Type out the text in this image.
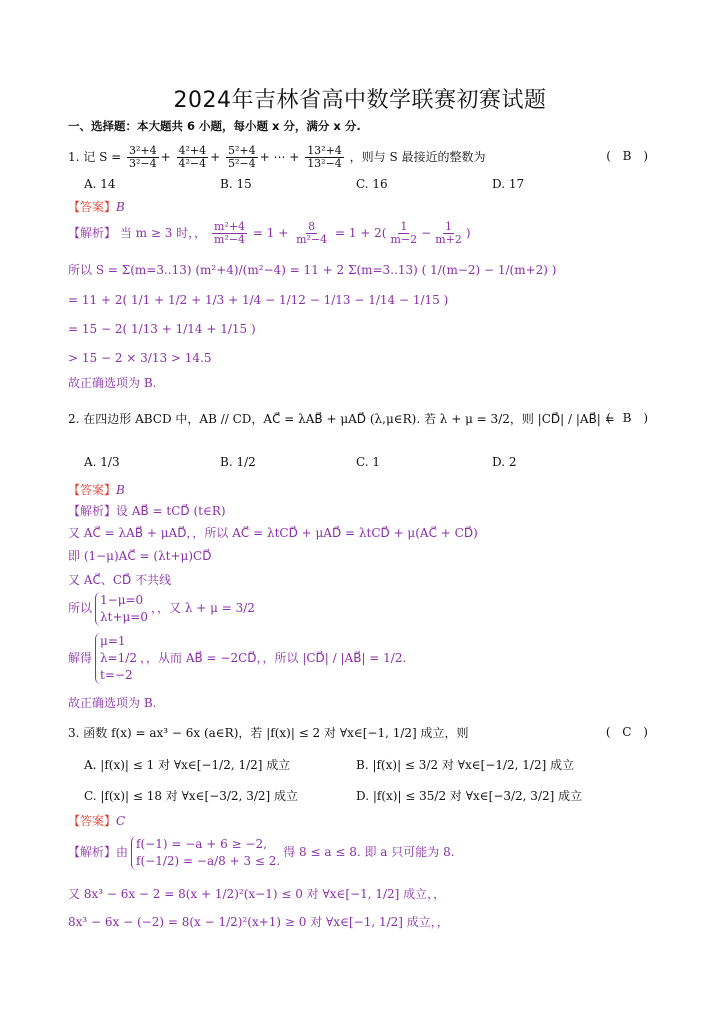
2024年吉林省高中数学联赛初赛试题
一、选择题：本大题共 6 小题，每小题 x 分，满分 x 分.
1. 记 $S = \frac{\text{3²+4}}{\text{3²−4}} + \frac{\text{4²+4}}{\text{4²−4}} + \frac{\text{5²+4}}{\text{5²−4}}$ + ⋯ + $\frac{\text{13²+4}}{\text{13²−4}}$ ，则与 S 最接近的整数为	( B )
A. 14	B. 15	C. 16	D. 17
【答案】B
【解析】 当 m ≥ 3 时，， $\frac{\text{m²+4}}{\text{m²−4}} = 1 + \frac{8}{\text{m²−4}} = 1 + 2( \frac{1}{m-2} - \frac{1}{m+2}$ )
所以 S = Σ(m=3..13) (m²+4)/(m²−4) = 11 + 2 Σ(m=3..13) ( 1/(m−2) − 1/(m+2) )
= 11 + 2( 1/1 + 1/2 + 1/3 + 1/4 − 1/12 − 1/13 − 1/14 − 1/15 )
= 15 − 2( 1/13 + 1/14 + 1/15 )
> 15 − 2 × 3/13 > 14.5
故正确选项为 B.
2. 在四边形 ABCD 中，AB // CD，AC⃗ = λAB⃗ + μAD⃗ (λ,μ∈R). 若 λ + μ = 3/2，则 |CD⃗| / |AB⃗| =
( B )
A. 1/3	B. 1/2	C. 1	D. 2
【答案】B
【解析】设 AB⃗ = tCD⃗ (t∈R)
又 AC⃗ = λAB⃗ + μAD⃗，，所以 AC⃗ = λtCD⃗ + μAD⃗ = λtCD⃗ + μ(AC⃗ + CD⃗)
即 (1−μ)AC⃗ = (λt+μ)CD⃗
又 AC⃗、CD⃗ 不共线
所以1−μ=0
λt+μ=0，，又 λ + μ = 3/2
解得μ=1
λ=1/2
t=−2，，从而 AB⃗ = −2CD⃗，，所以 |CD⃗| / |AB⃗| = 1/2.
故正确选项为 B.
3. 函数 f(x) = ax³ − 6x (a∈R)，若 |f(x)| ≤ 2 对 ∀x∈[−1, 1/2] 成立，则	( C )
A. |f(x)| ≤ 1 对 ∀x∈[−1/2, 1/2] 成立	B. |f(x)| ≤ 3/2 对 ∀x∈[−1/2, 1/2] 成立
C. |f(x)| ≤ 18 对 ∀x∈[−3/2, 3/2] 成立	D. |f(x)| ≤ 35/2 对 ∀x∈[−3/2, 3/2] 成立
【答案】C
【解析】由f(−1) = −a + 6 ≥ −2,
f(−1/2) = −a/8 + 3 ≤ 2.得 8 ≤ a ≤ 8. 即 a 只可能为 8.
又 8x³ − 6x − 2 = 8(x + 1/2)²(x−1) ≤ 0 对 ∀x∈[−1, 1/2] 成立，，
8x³ − 6x − (−2) = 8(x − 1/2)²(x+1) ≥ 0 对 ∀x∈[−1, 1/2] 成立，，
